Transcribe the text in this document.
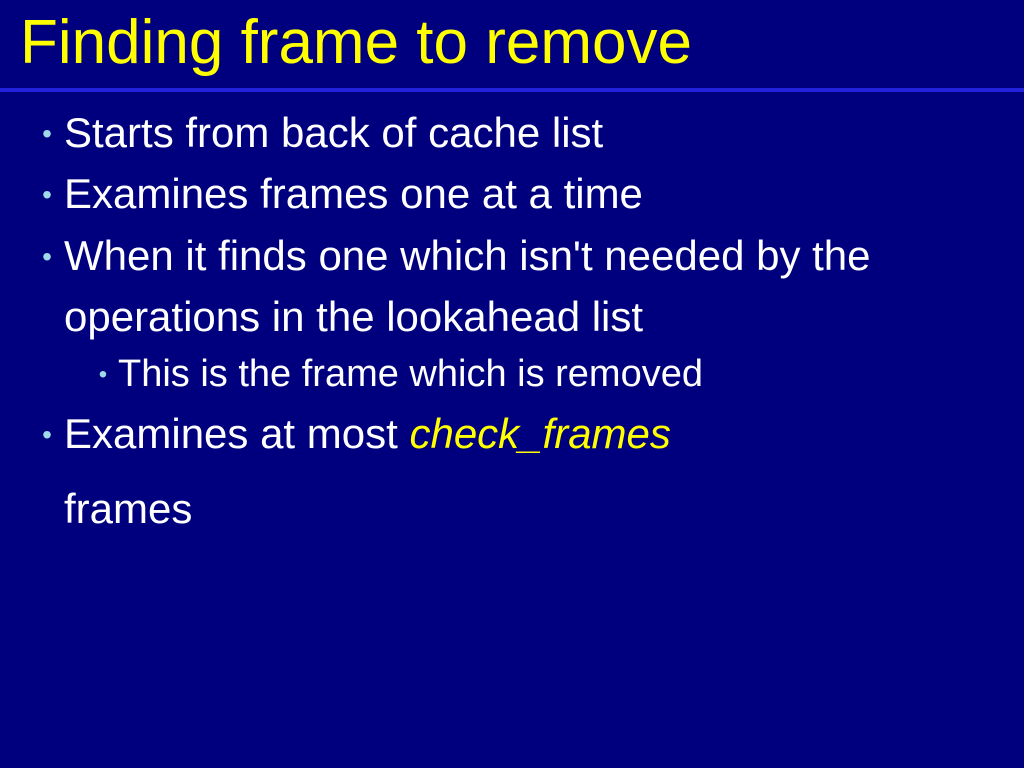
Finding frame to remove
• Starts from back of cache list
• Examines frames one at a time
• When it finds one which isn't needed by the operations in the lookahead list
• This is the frame which is removed
• Examines at most check_frames
frames
